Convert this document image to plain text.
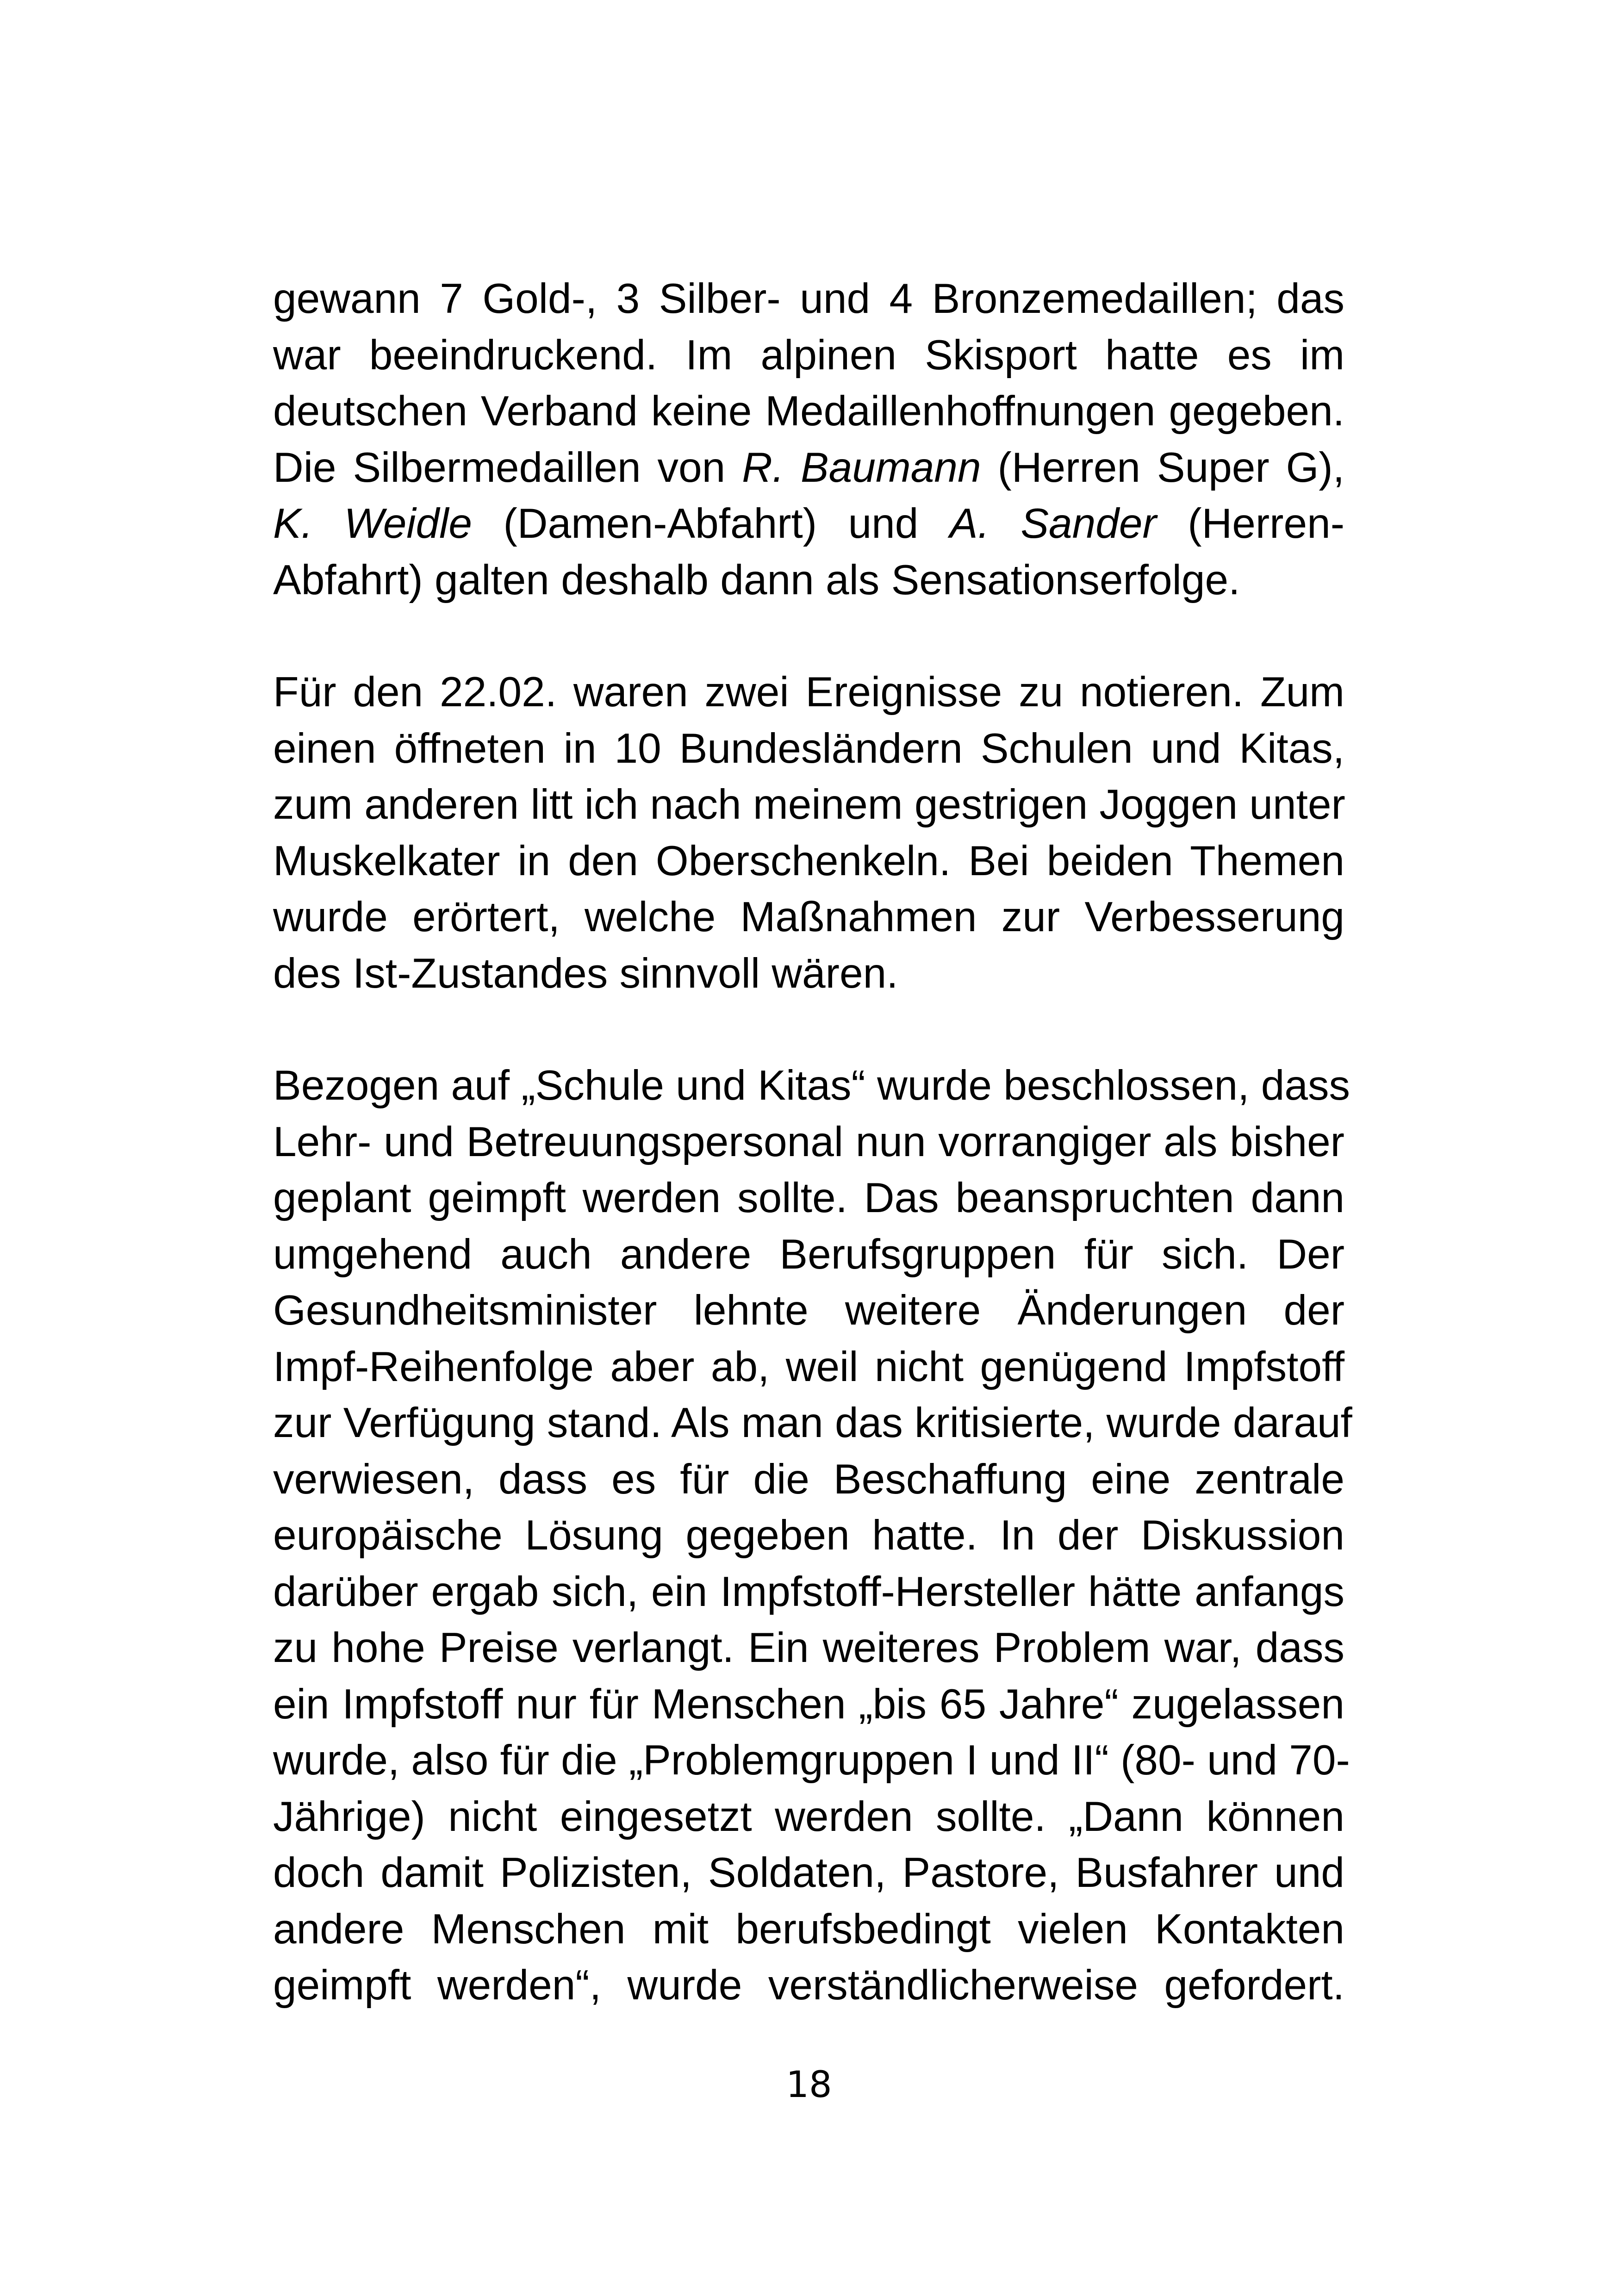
gewann 7 Gold-, 3 Silber- und 4 Bronzemedaillen; das
war beeindruckend. Im alpinen Skisport hatte es im
deutschen Verband keine Medaillenhoffnungen gegeben.
Die Silbermedaillen von R. Baumann (Herren Super G),
K. Weidle (Damen-Abfahrt) und A. Sander (Herren-
Abfahrt) galten deshalb dann als Sensationserfolge.
Für den 22.02. waren zwei Ereignisse zu notieren. Zum
einen öffneten in 10 Bundesländern Schulen und Kitas,
zum anderen litt ich nach meinem gestrigen Joggen unter
Muskelkater in den Oberschenkeln. Bei beiden Themen
wurde erörtert, welche Maßnahmen zur Verbesserung
des Ist-Zustandes sinnvoll wären.
Bezogen auf „Schule und Kitas“ wurde beschlossen, dass
Lehr- und Betreuungspersonal nun vorrangiger als bisher
geplant geimpft werden sollte. Das beanspruchten dann
umgehend auch andere Berufsgruppen für sich. Der
Gesundheitsminister lehnte weitere Änderungen der
Impf-Reihenfolge aber ab, weil nicht genügend Impfstoff
zur Verfügung stand. Als man das kritisierte, wurde darauf
verwiesen, dass es für die Beschaffung eine zentrale
europäische Lösung gegeben hatte. In der Diskussion
darüber ergab sich, ein Impfstoff-Hersteller hätte anfangs
zu hohe Preise verlangt. Ein weiteres Problem war, dass
ein Impfstoff nur für Menschen „bis 65 Jahre“ zugelassen
wurde, also für die „Problemgruppen I und II“ (80- und 70-
Jährige) nicht eingesetzt werden sollte. „Dann können
doch damit Polizisten, Soldaten, Pastore, Busfahrer und
andere Menschen mit berufsbedingt vielen Kontakten
geimpft werden“, wurde verständlicherweise gefordert.
18
